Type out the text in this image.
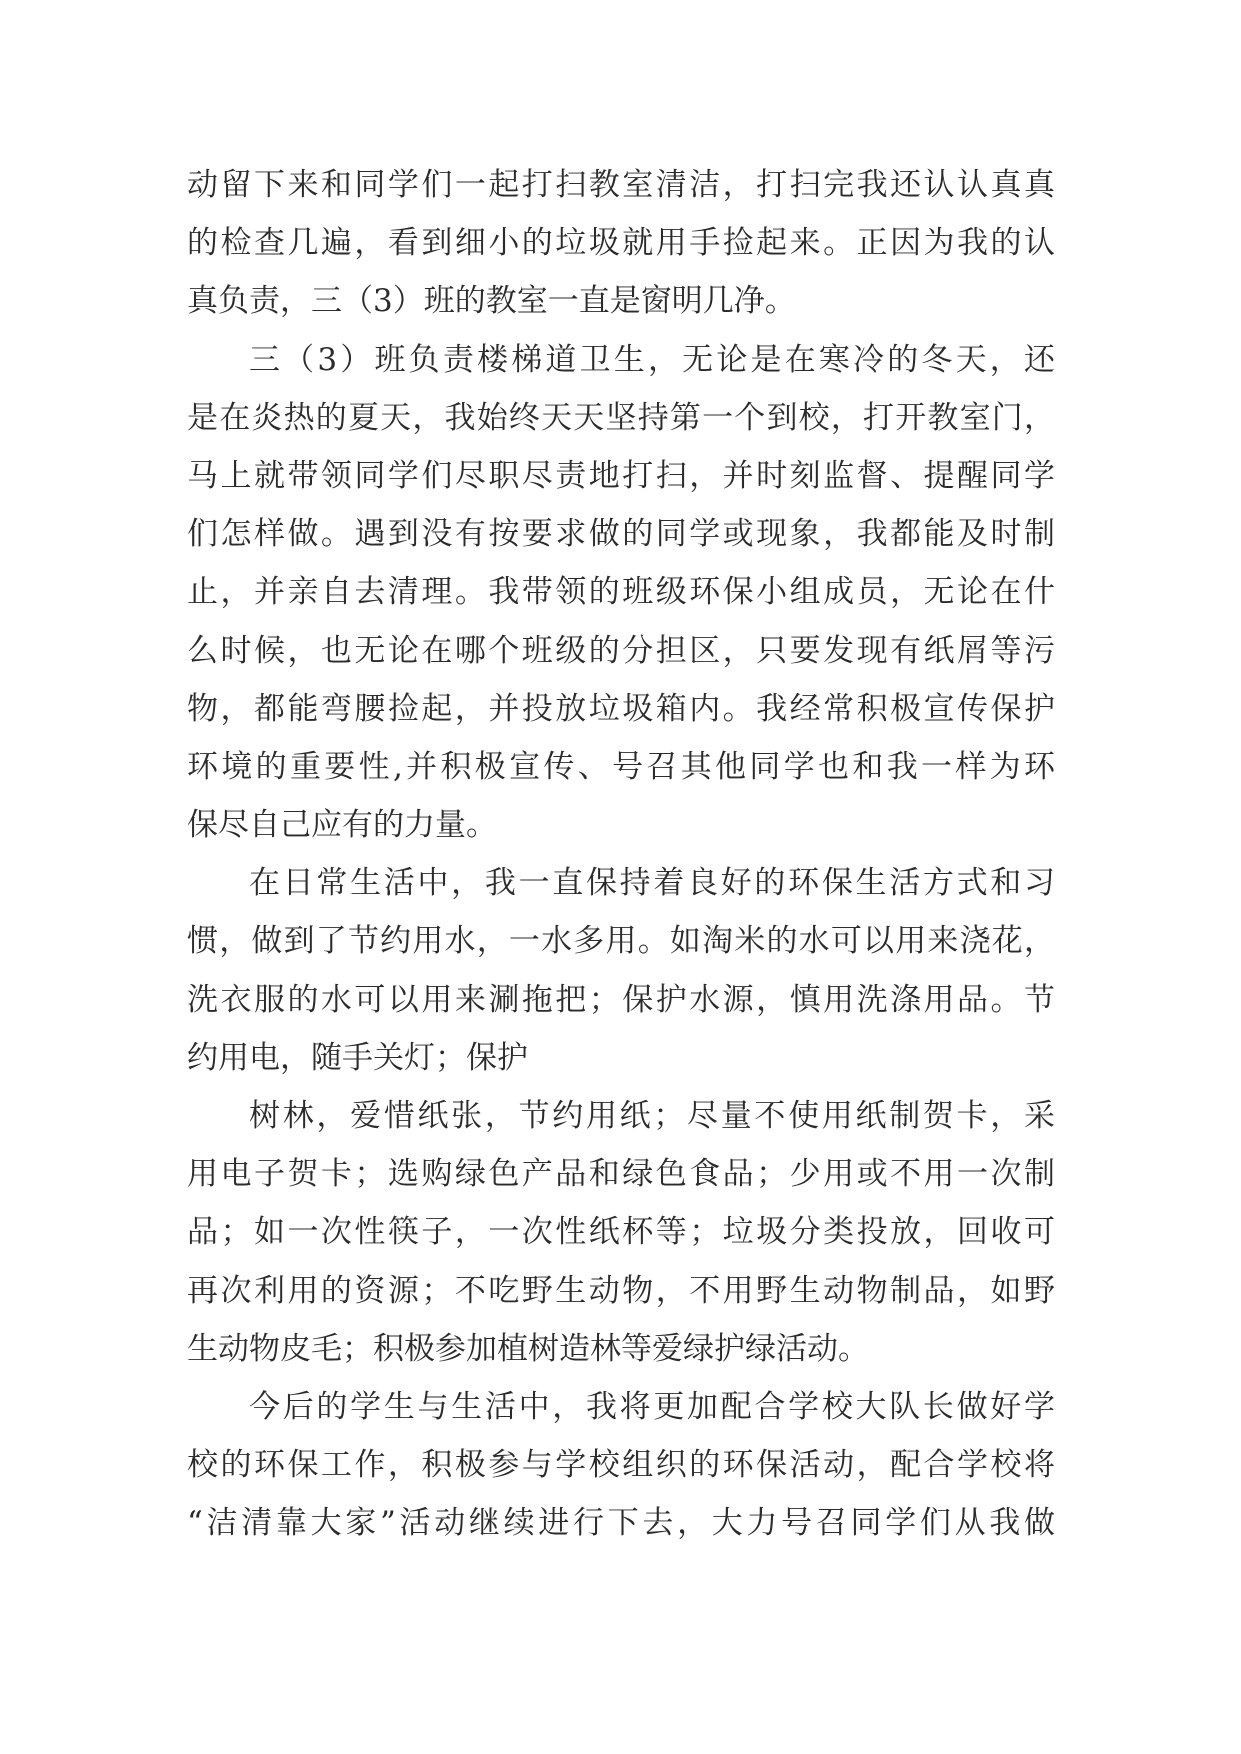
动留下来和同学们一起打扫教室清洁，打扫完我还认认真真
的检查几遍，看到细小的垃圾就用手捡起来。正因为我的认
真负责，三（3）班的教室一直是窗明几净。
三（3）班负责楼梯道卫生，无论是在寒冷的冬天，还
是在炎热的夏天，我始终天天坚持第一个到校，打开教室门，
马上就带领同学们尽职尽责地打扫，并时刻监督、提醒同学
们怎样做。遇到没有按要求做的同学或现象，我都能及时制
止，并亲自去清理。我带领的班级环保小组成员，无论在什
么时候，也无论在哪个班级的分担区，只要发现有纸屑等污
物，都能弯腰捡起，并投放垃圾箱内。我经常积极宣传保护
环境的重要性,并积极宣传、号召其他同学也和我一样为环
保尽自己应有的力量。
在日常生活中，我一直保持着良好的环保生活方式和习
惯，做到了节约用水，一水多用。如淘米的水可以用来浇花，
洗衣服的水可以用来涮拖把；保护水源，慎用洗涤用品。节
约用电，随手关灯；保护
树林，爱惜纸张，节约用纸；尽量不使用纸制贺卡，采
用电子贺卡；选购绿色产品和绿色食品；少用或不用一次制
品；如一次性筷子，一次性纸杯等；垃圾分类投放，回收可
再次利用的资源；不吃野生动物，不用野生动物制品，如野
生动物皮毛；积极参加植树造林等爱绿护绿活动。
今后的学生与生活中，我将更加配合学校大队长做好学
校的环保工作，积极参与学校组织的环保活动，配合学校将
“洁清靠大家”活动继续进行下去，大力号召同学们从我做
